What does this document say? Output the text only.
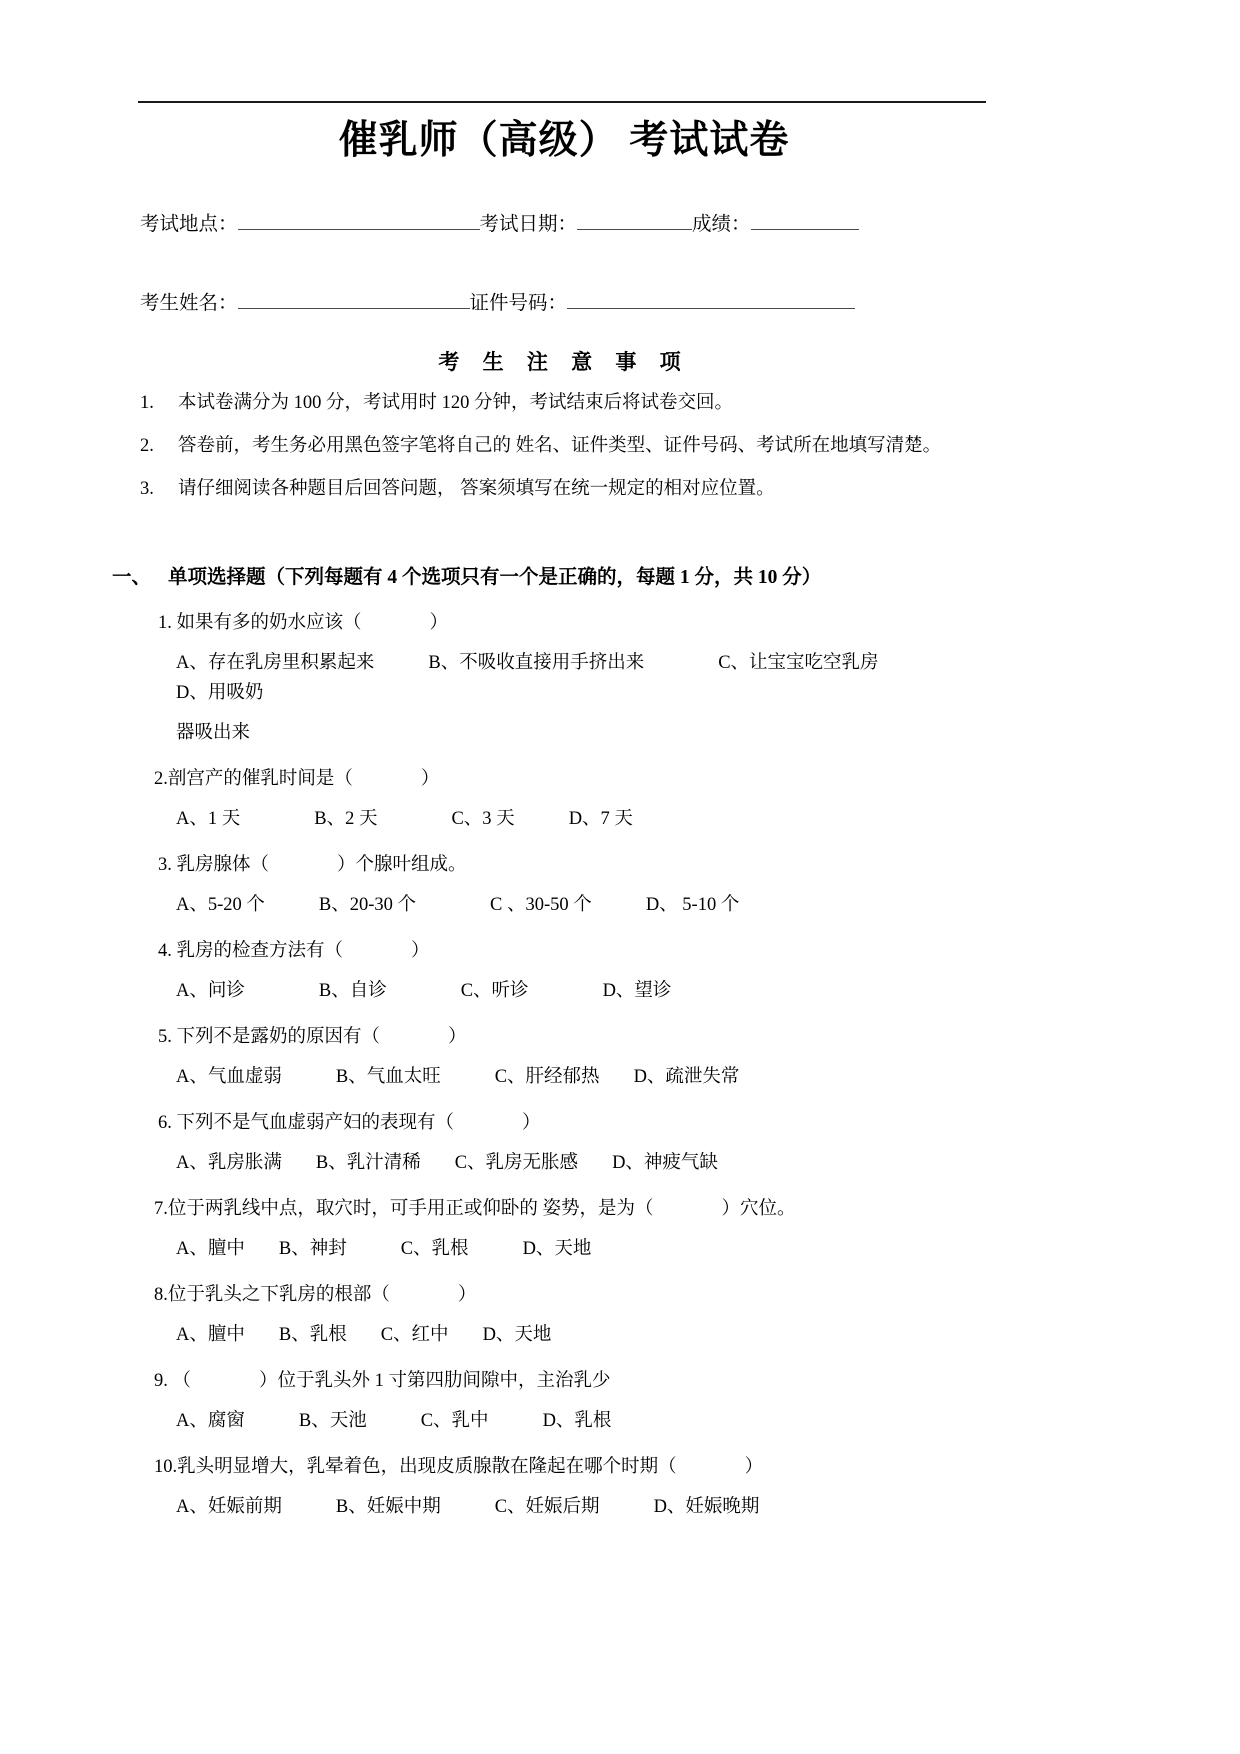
催乳师（高级） 考试试卷
考试地点：	考试日期：	成绩：
考生姓名：	证件号码：
考 生 注 意 事 项
1.	本试卷满分为 100 分，考试用时 120 分钟，考试结束后将试卷交回。
2.	答卷前，考生务必用黑色签字笔将自己的 姓名、证件类型、证件号码、考试所在地填写清楚。
3.	请仔细阅读各种题目后回答问题， 答案须填写在统一规定的相对应位置。
一、 单项选择题（下列每题有 4 个选项只有一个是正确的，每题 1 分，共 10 分）
1. 如果有多的奶水应该（	）
A、存在乳房里积累起来	B、不吸收直接用手挤出来	C、让宝宝吃空乳房D、用吸奶
器吸出来
2.剖宫产的催乳时间是（	）
A、1 天	B、2 天	C、3 天	D、7 天
3. 乳房腺体（	）个腺叶组成。
A、5-20 个	B、20-30 个	C 、30-50 个	D、 5-10 个
4. 乳房的检查方法有（	）
A、问诊	B、自诊	C、听诊	D、望诊
5. 下列不是露奶的原因有（	）
A、气血虚弱	B、气血太旺	C、肝经郁热 D、疏泄失常
6. 下列不是气血虚弱产妇的表现有（	）
A、乳房胀满 B、乳汁清稀 C、乳房无胀感 D、神疲气缺
7.位于两乳线中点，取穴时，可手用正或仰卧的 姿势，是为（	）穴位。
A、膻中 B、神封	C、乳根	D、天地
8.位于乳头之下乳房的根部（	）
A、膻中 B、乳根 C、红中 D、天地
9. （	）位于乳头外 1 寸第四肋间隙中，主治乳少
A、腐窗	B、天池	C、乳中	D、乳根
10.乳头明显增大，乳晕着色，出现皮质腺散在隆起在哪个时期（	）
A、妊娠前期	B、妊娠中期	C、妊娠后期	D、妊娠晚期
